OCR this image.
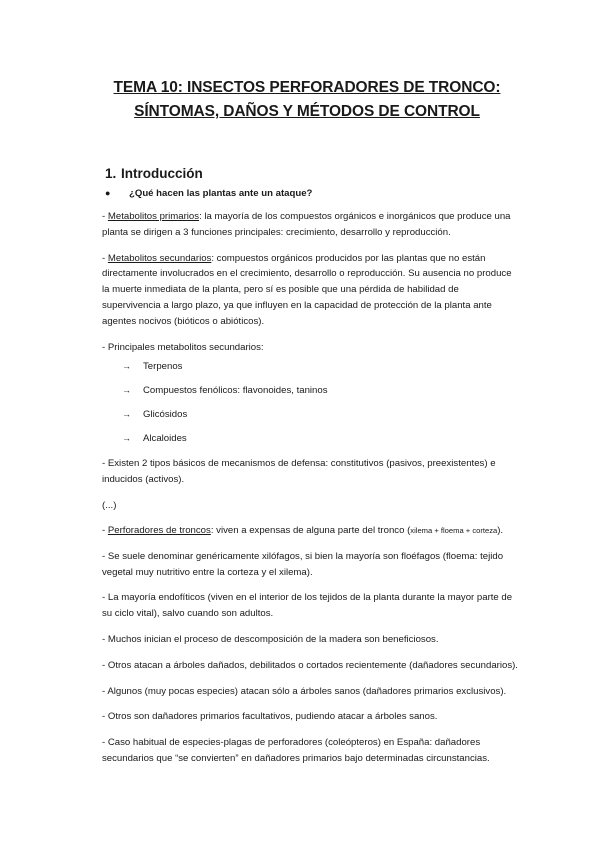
TEMA 10: INSECTOS PERFORADORES DE TRONCO:
SÍNTOMAS, DAÑOS Y MÉTODOS DE CONTROL
1. Introducción
● ¿Qué hacen las plantas ante un ataque?

- Metabolitos primarios: la mayoría de los compuestos orgánicos e inorgánicos que produce una planta se dirigen a 3 funciones principales: crecimiento, desarrollo y reproducción.

- Metabolitos secundarios: compuestos orgánicos producidos por las plantas que no están directamente involucrados en el crecimiento, desarrollo o reproducción. Su ausencia no produce la muerte inmediata de la planta, pero sí es posible que una pérdida de habilidad de supervivencia a largo plazo, ya que influyen en la capacidad de protección de la planta ante agentes nocivos (bióticos o abióticos).

- Principales metabolitos secundarios:

→ Terpenos
→ Compuestos fenólicos: flavonoides, taninos
→ Glicósidos
→ Alcaloides

- Existen 2 tipos básicos de mecanismos de defensa: constitutivos (pasivos, preexistentes) e inducidos (activos).

(...)

- Perforadores de troncos: viven a expensas de alguna parte del tronco (xilema + floema + corteza).

- Se suele denominar genéricamente xilófagos, si bien la mayoría son floéfagos (floema: tejido vegetal muy nutritivo entre la corteza y el xilema).

- La mayoría endofíticos (viven en el interior de los tejidos de la planta durante la mayor parte de su ciclo vital), salvo cuando son adultos.

- Muchos inician el proceso de descomposición de la madera son beneficiosos.

- Otros atacan a árboles dañados, debilitados o cortados recientemente (dañadores secundarios).

- Algunos (muy pocas especies) atacan sólo a árboles sanos (dañadores primarios exclusivos).

- Otros son dañadores primarios facultativos, pudiendo atacar a árboles sanos.

- Caso habitual de especies-plagas de perforadores (coleópteros) en España: dañadores secundarios que “se convierten” en dañadores primarios bajo determinadas circunstancias.
